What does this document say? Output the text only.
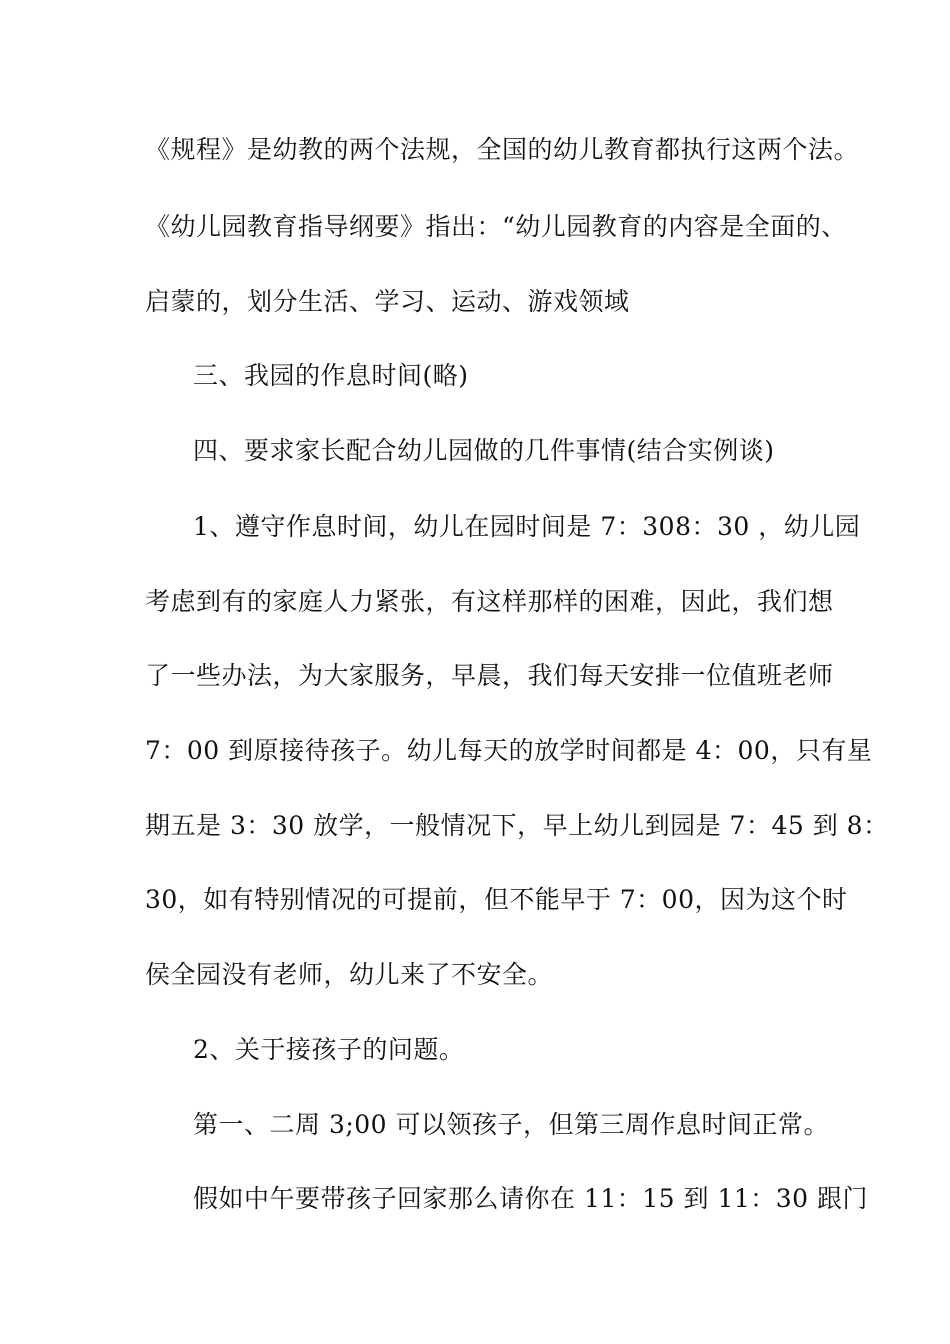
《规程》是幼教的两个法规，全国的幼儿教育都执行这两个法。
《幼儿园教育指导纲要》指出：“幼儿园教育的内容是全面的、
启蒙的，划分生活、学习、运动、游戏领域
三、我园的作息时间(略)
四、要求家长配合幼儿园做的几件事情(结合实例谈)
1、遵守作息时间，幼儿在园时间是 7：308：30 ，幼儿园
考虑到有的家庭人力紧张，有这样那样的困难，因此，我们想
了一些办法，为大家服务，早晨，我们每天安排一位值班老师
7：00 到原接待孩子。幼儿每天的放学时间都是 4：00，只有星
期五是 3：30 放学，一般情况下，早上幼儿到园是 7：45 到 8：
30，如有特别情况的可提前，但不能早于 7：00，因为这个时
侯全园没有老师，幼儿来了不安全。
2、关于接孩子的问题。
第一、二周 3;00 可以领孩子，但第三周作息时间正常。
假如中午要带孩子回家那么请你在 11：15 到 11：30 跟门
